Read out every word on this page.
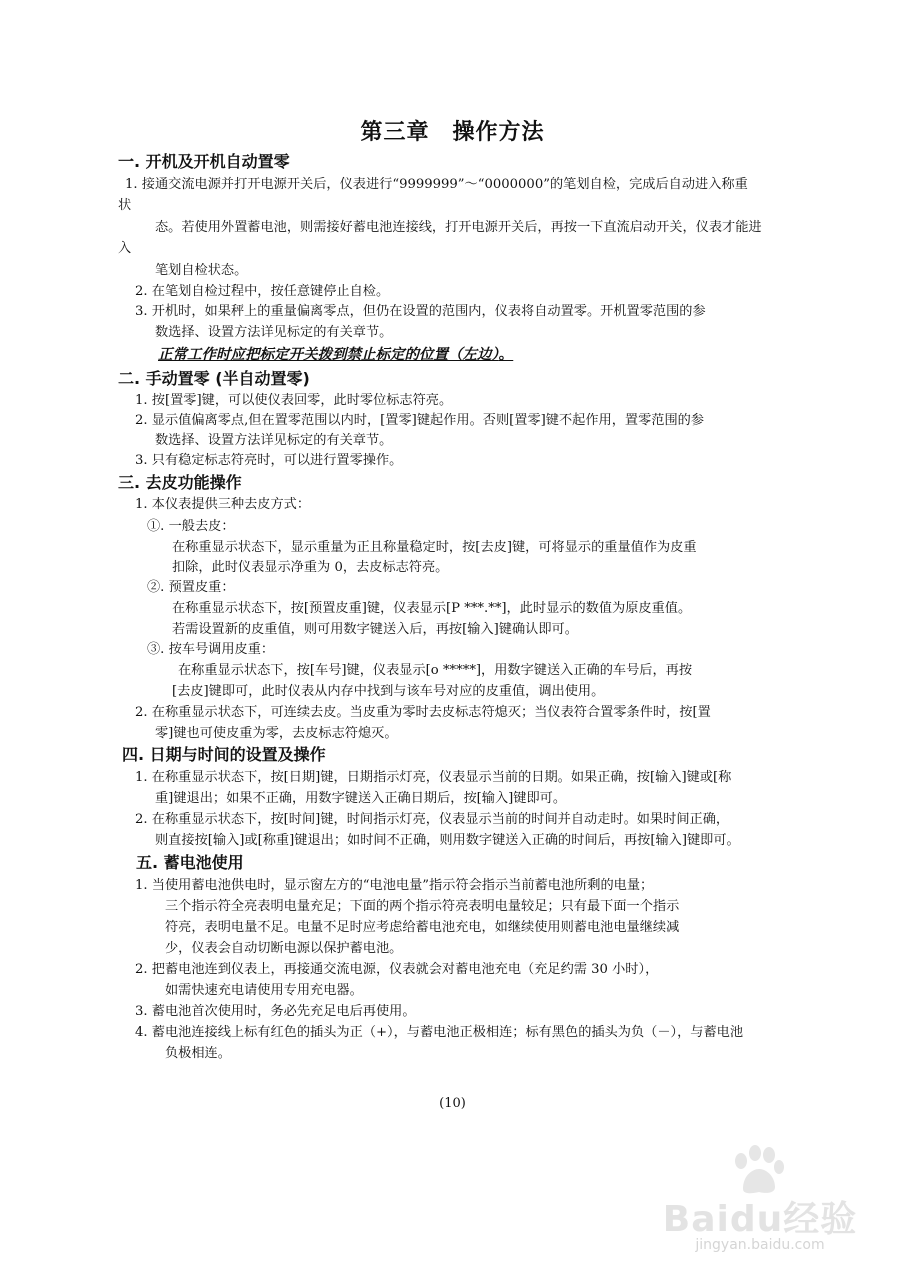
第三章　操作方法
一. 开机及开机自动置零
1. 接通交流电源并打开电源开关后，仪表进行“9999999”～“0000000”的笔划自检，完成后自动进入称重
状
态。若使用外置蓄电池，则需接好蓄电池连接线，打开电源开关后，再按一下直流启动开关，仪表才能进
入
笔划自检状态。
2. 在笔划自检过程中，按任意键停止自检。
3. 开机时，如果秤上的重量偏离零点，但仍在设置的范围内，仪表将自动置零。开机置零范围的参
数选择、设置方法详见标定的有关章节。
正常工作时应把标定开关拨到禁止标定的位置（左边）。
二. 手动置零 (半自动置零)
1. 按[置零]键，可以使仪表回零，此时零位标志符亮。
2. 显示值偏离零点,但在置零范围以内时，[置零]键起作用。否则[置零]键不起作用，置零范围的参
数选择、设置方法详见标定的有关章节。
3. 只有稳定标志符亮时，可以进行置零操作。
三. 去皮功能操作
1. 本仪表提供三种去皮方式：
①. 一般去皮：
在称重显示状态下，显示重量为正且称量稳定时，按[去皮]键，可将显示的重量值作为皮重
扣除，此时仪表显示净重为 0，去皮标志符亮。
②. 预置皮重：
在称重显示状态下，按[预置皮重]键，仪表显示[P ***.**]，此时显示的数值为原皮重值。
若需设置新的皮重值，则可用数字键送入后，再按[输入]键确认即可。
③. 按车号调用皮重：
在称重显示状态下，按[车号]键，仪表显示[o *****]，用数字键送入正确的车号后，再按
[去皮]键即可，此时仪表从内存中找到与该车号对应的皮重值，调出使用。
2. 在称重显示状态下，可连续去皮。当皮重为零时去皮标志符熄灭；当仪表符合置零条件时，按[置
零]键也可使皮重为零，去皮标志符熄灭。
四. 日期与时间的设置及操作
1. 在称重显示状态下，按[日期]键，日期指示灯亮，仪表显示当前的日期。如果正确，按[输入]键或[称
重]键退出；如果不正确，用数字键送入正确日期后，按[输入]键即可。
2. 在称重显示状态下，按[时间]键，时间指示灯亮，仪表显示当前的时间并自动走时。如果时间正确，
则直接按[输入]或[称重]键退出；如时间不正确，则用数字键送入正确的时间后，再按[输入]键即可。
五. 蓄电池使用
1. 当使用蓄电池供电时，显示窗左方的“电池电量”指示符会指示当前蓄电池所剩的电量；
三个指示符全亮表明电量充足；下面的两个指示符亮表明电量较足；只有最下面一个指示
符亮，表明电量不足。电量不足时应考虑给蓄电池充电，如继续使用则蓄电池电量继续减
少，仪表会自动切断电源以保护蓄电池。
2. 把蓄电池连到仪表上，再接通交流电源，仪表就会对蓄电池充电（充足约需 30 小时），
如需快速充电请使用专用充电器。
3. 蓄电池首次使用时，务必先充足电后再使用。
4. 蓄电池连接线上标有红色的插头为正（+），与蓄电池正极相连；标有黑色的插头为负（－），与蓄电池
负极相连。
(10)
Baidu经验
jingyan.baidu.com
